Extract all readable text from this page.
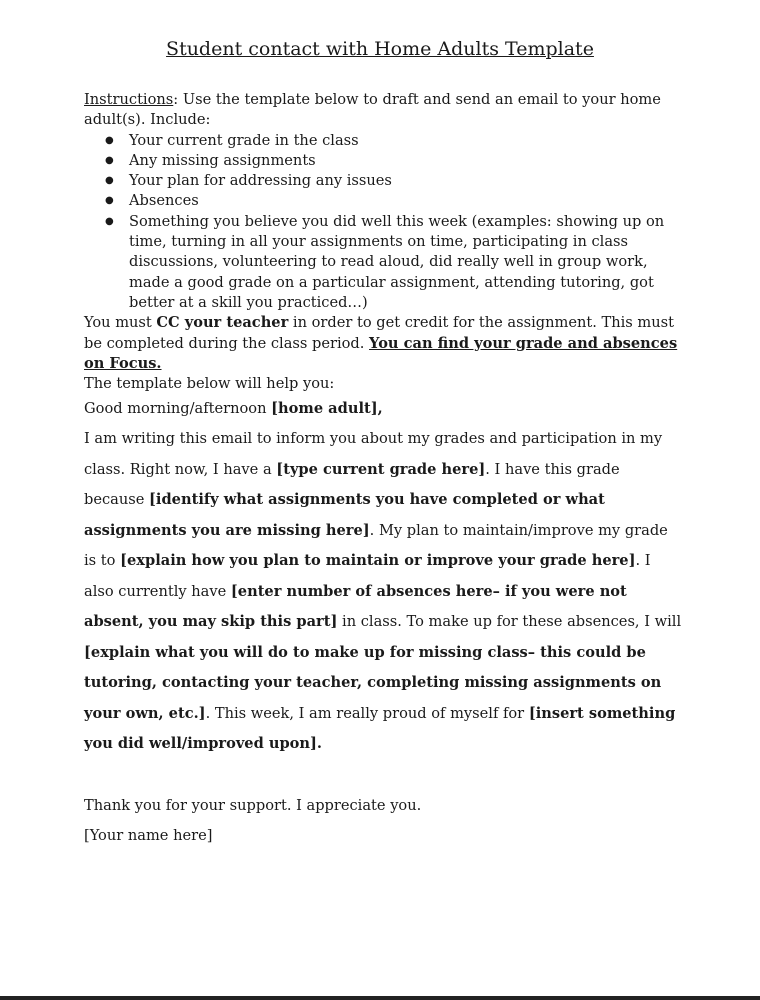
Student contact with Home Adults Template

Instructions: Use the template below to draft and send an email to your home adult(s). Include:

● Your current grade in the class
● Any missing assignments
● Your plan for addressing any issues
● Absences
● Something you believe you did well this week (examples: showing up on time, turning in all your assignments on time, participating in class discussions, volunteering to read aloud, did really well in group work, made a good grade on a particular assignment, attending tutoring, got better at a skill you practiced…)

You must CC your teacher in order to get credit for the assignment. This must be completed during the class period. You can find your grade and absences on Focus.

The template below will help you:

Good morning/afternoon [home adult],

I am writing this email to inform you about my grades and participation in my class. Right now, I have a [type current grade here]. I have this grade because [identify what assignments you have completed or what assignments you are missing here]. My plan to maintain/improve my grade is to [explain how you plan to maintain or improve your grade here]. I also currently have [enter number of absences here– if you were not absent, you may skip this part] in class. To make up for these absences, I will [explain what you will do to make up for missing class– this could be tutoring, contacting your teacher, completing missing assignments on your own, etc.]. This week, I am really proud of myself for [insert something you did well/improved upon].

Thank you for your support. I appreciate you.

[Your name here]
